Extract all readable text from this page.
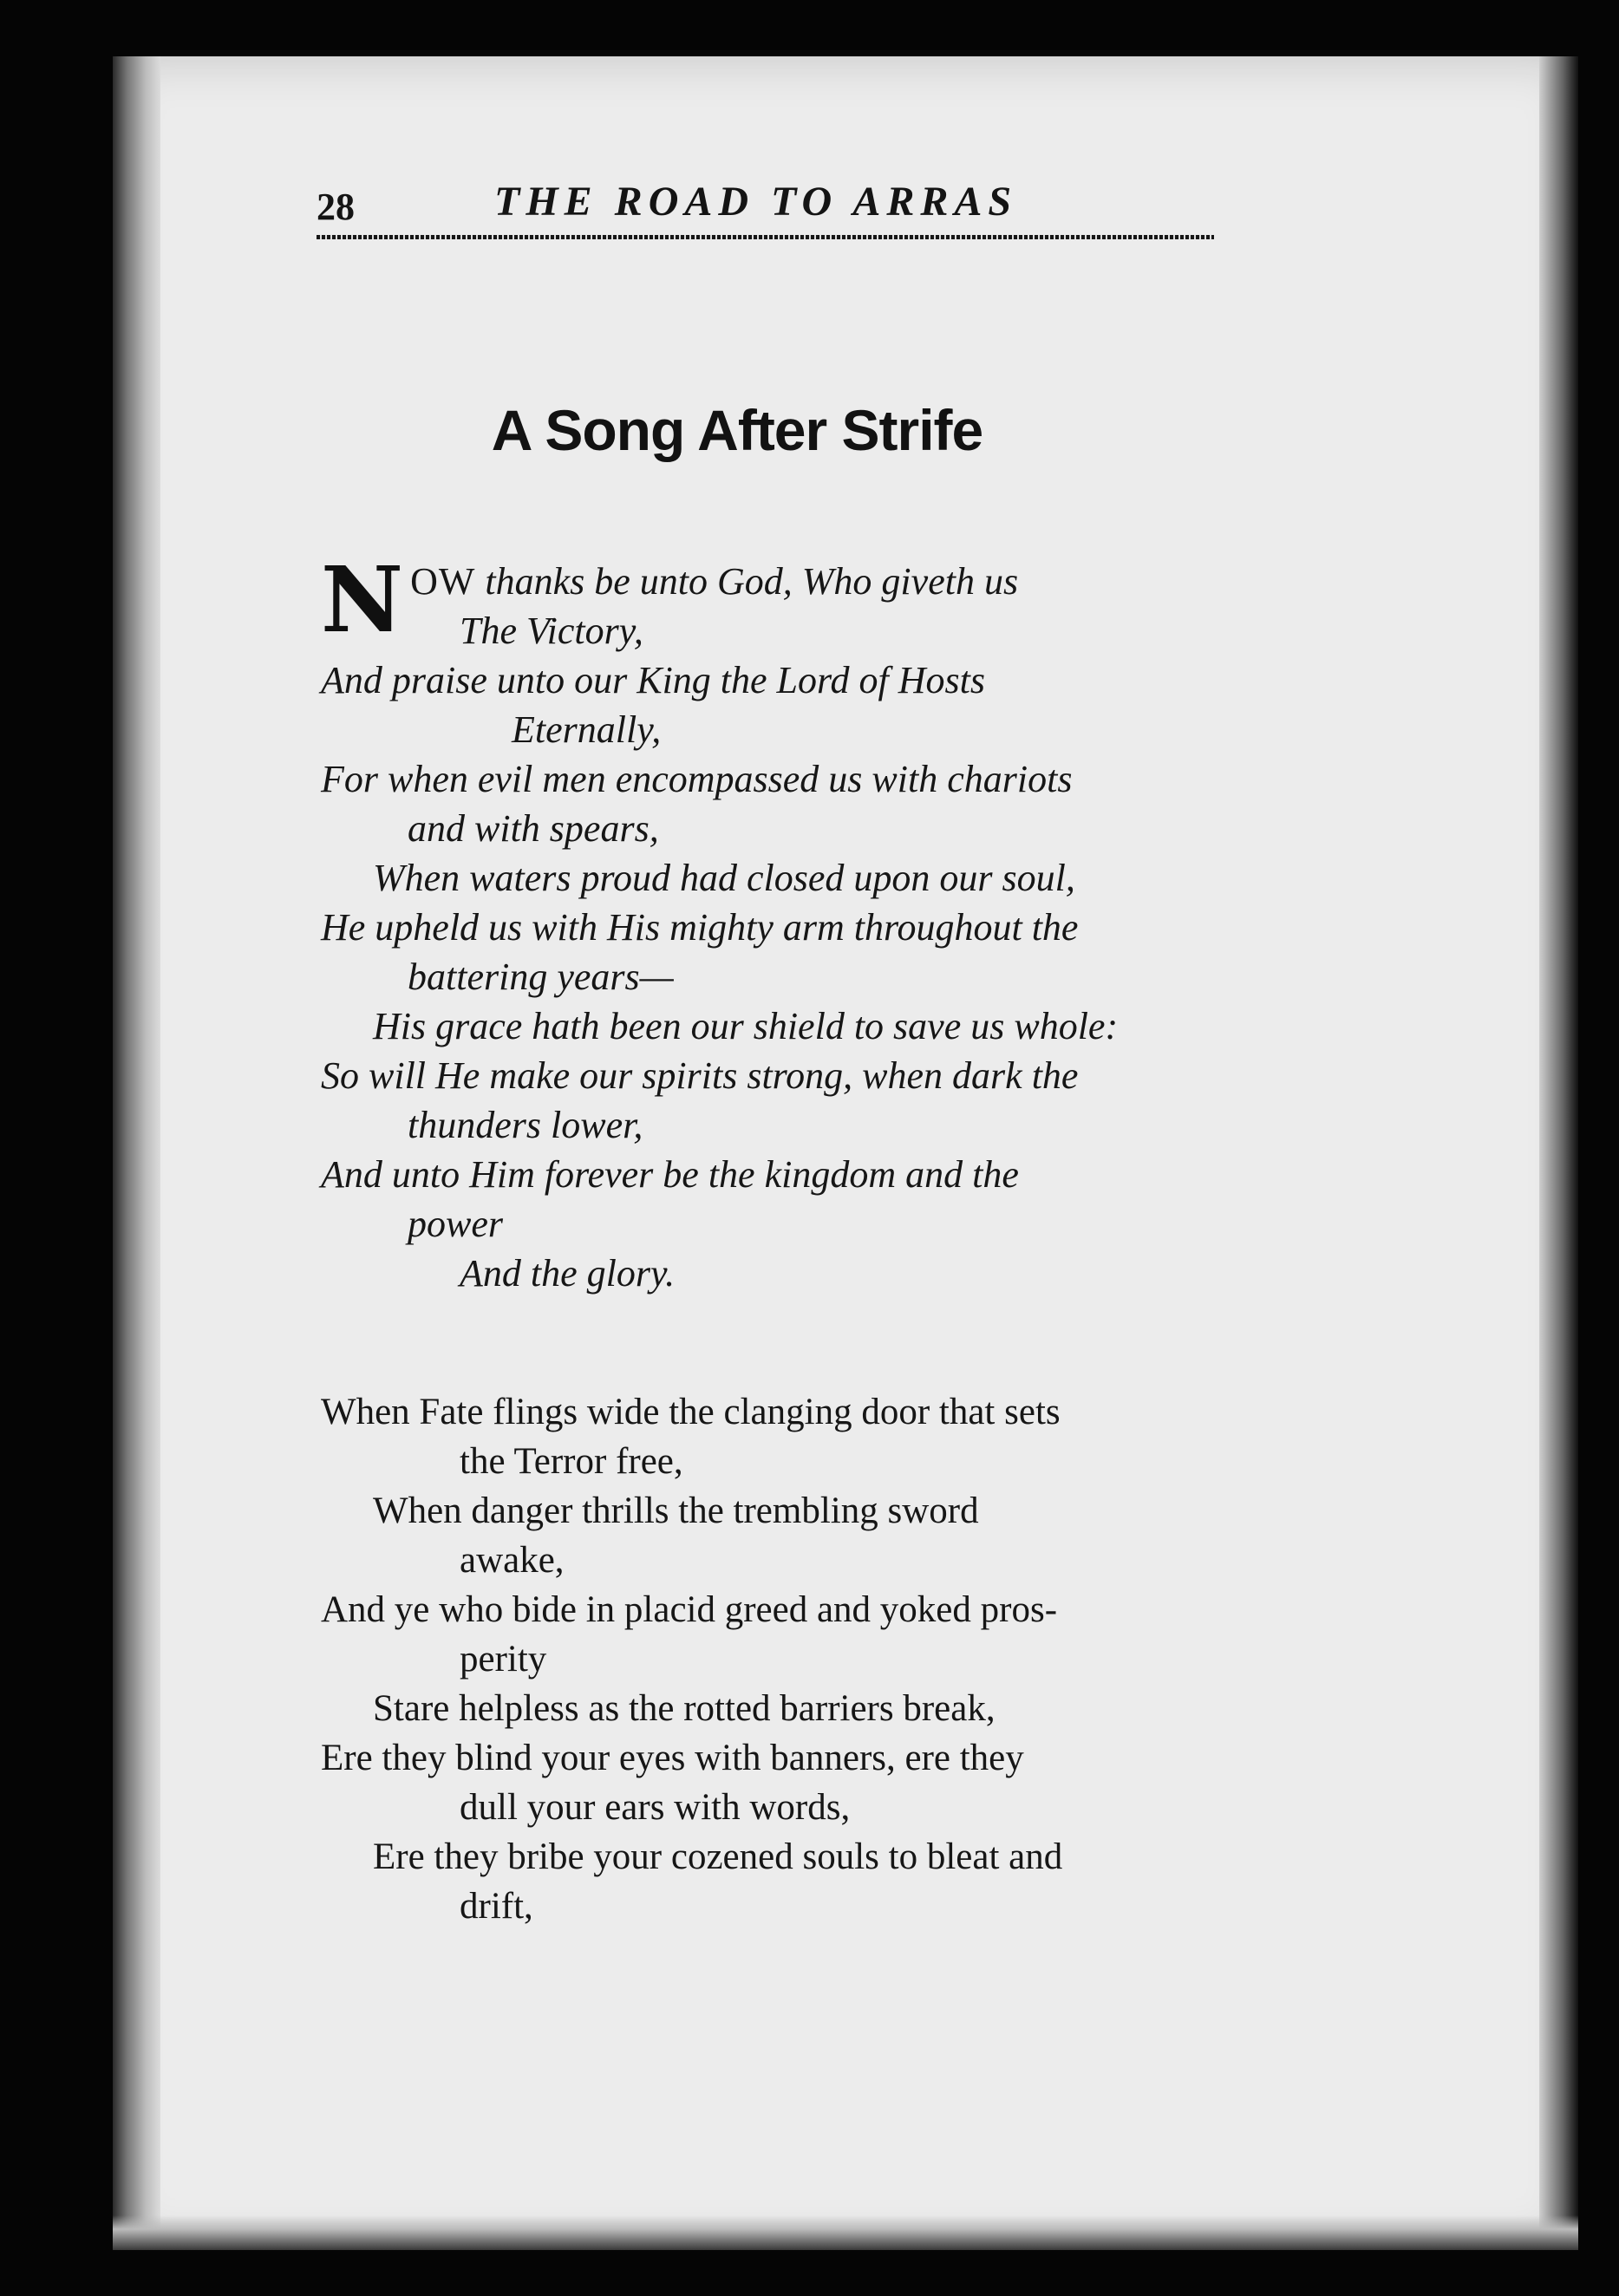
28	THE ROAD TO ARRAS
A Song After Strife
NOW thanks be unto God, Who giveth us
The Victory,
And praise unto our King the Lord of Hosts
Eternally,
For when evil men encompassed us with chariots
and with spears,
When waters proud had closed upon our soul,
He upheld us with His mighty arm throughout the
battering years—
His grace hath been our shield to save us whole:
So will He make our spirits strong, when dark the
thunders lower,
And unto Him forever be the kingdom and the
power
And the glory.
When Fate flings wide the clanging door that sets
the Terror free,
When danger thrills the trembling sword
awake,
And ye who bide in placid greed and yoked pros-
perity
Stare helpless as the rotted barriers break,
Ere they blind your eyes with banners, ere they
dull your ears with words,
Ere they bribe your cozened souls to bleat and
drift,
